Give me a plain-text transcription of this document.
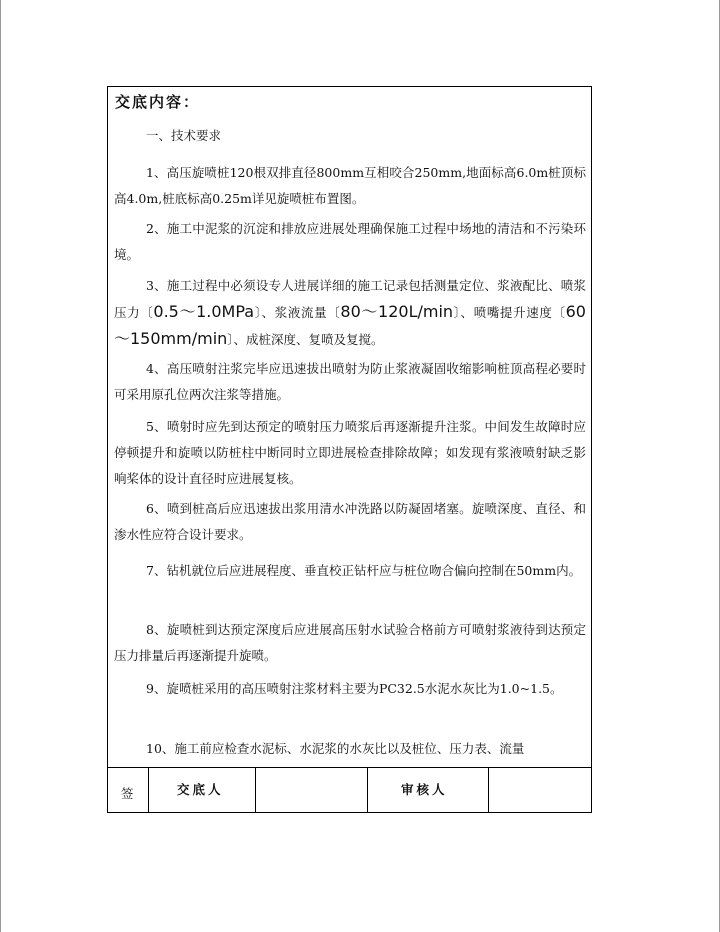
交底内容：
一、技术要求
1、高压旋喷桩120根双排直径800mm互相咬合250mm,地面标高6.0m桩顶标高4.0m,桩底标高0.25m详见旋喷桩布置图。
2、施工中泥浆的沉淀和排放应进展处理确保施工过程中场地的清洁和不污染环境。
3、施工过程中必须设专人进展详细的施工记录包括测量定位、浆液配比、喷浆压力〔0.5～1.0MPa〕、浆液流量〔80～120L/min〕、喷嘴提升速度〔60～150mm/min〕、成桩深度、复喷及复搅。
4、高压喷射注浆完毕应迅速拔出喷射为防止浆液凝固收缩影响桩顶高程必要时可采用原孔位两次注浆等措施。
5、喷射时应先到达预定的喷射压力喷浆后再逐渐提升注浆。中间发生故障时应停顿提升和旋喷以防桩柱中断同时立即进展检查排除故障；如发现有浆液喷射缺乏影响桨体的设计直径时应进展复核。
6、喷到桩高后应迅速拔出浆用清水冲洗路以防凝固堵塞。旋喷深度、直径、和渗水性应符合设计要求。
7、钻机就位后应进展程度、垂直校正钻杆应与桩位吻合偏向控制在50mm内。
8、旋喷桩到达预定深度后应进展高压射水试验合格前方可喷射浆液待到达预定压力排量后再逐渐提升旋喷。
9、旋喷桩采用的高压喷射注浆材料主要为PC32.5水泥水灰比为1.0~1.5。
10、施工前应检查水泥标、水泥浆的水灰比以及桩位、压力表、流量
签	交底人	审核人
